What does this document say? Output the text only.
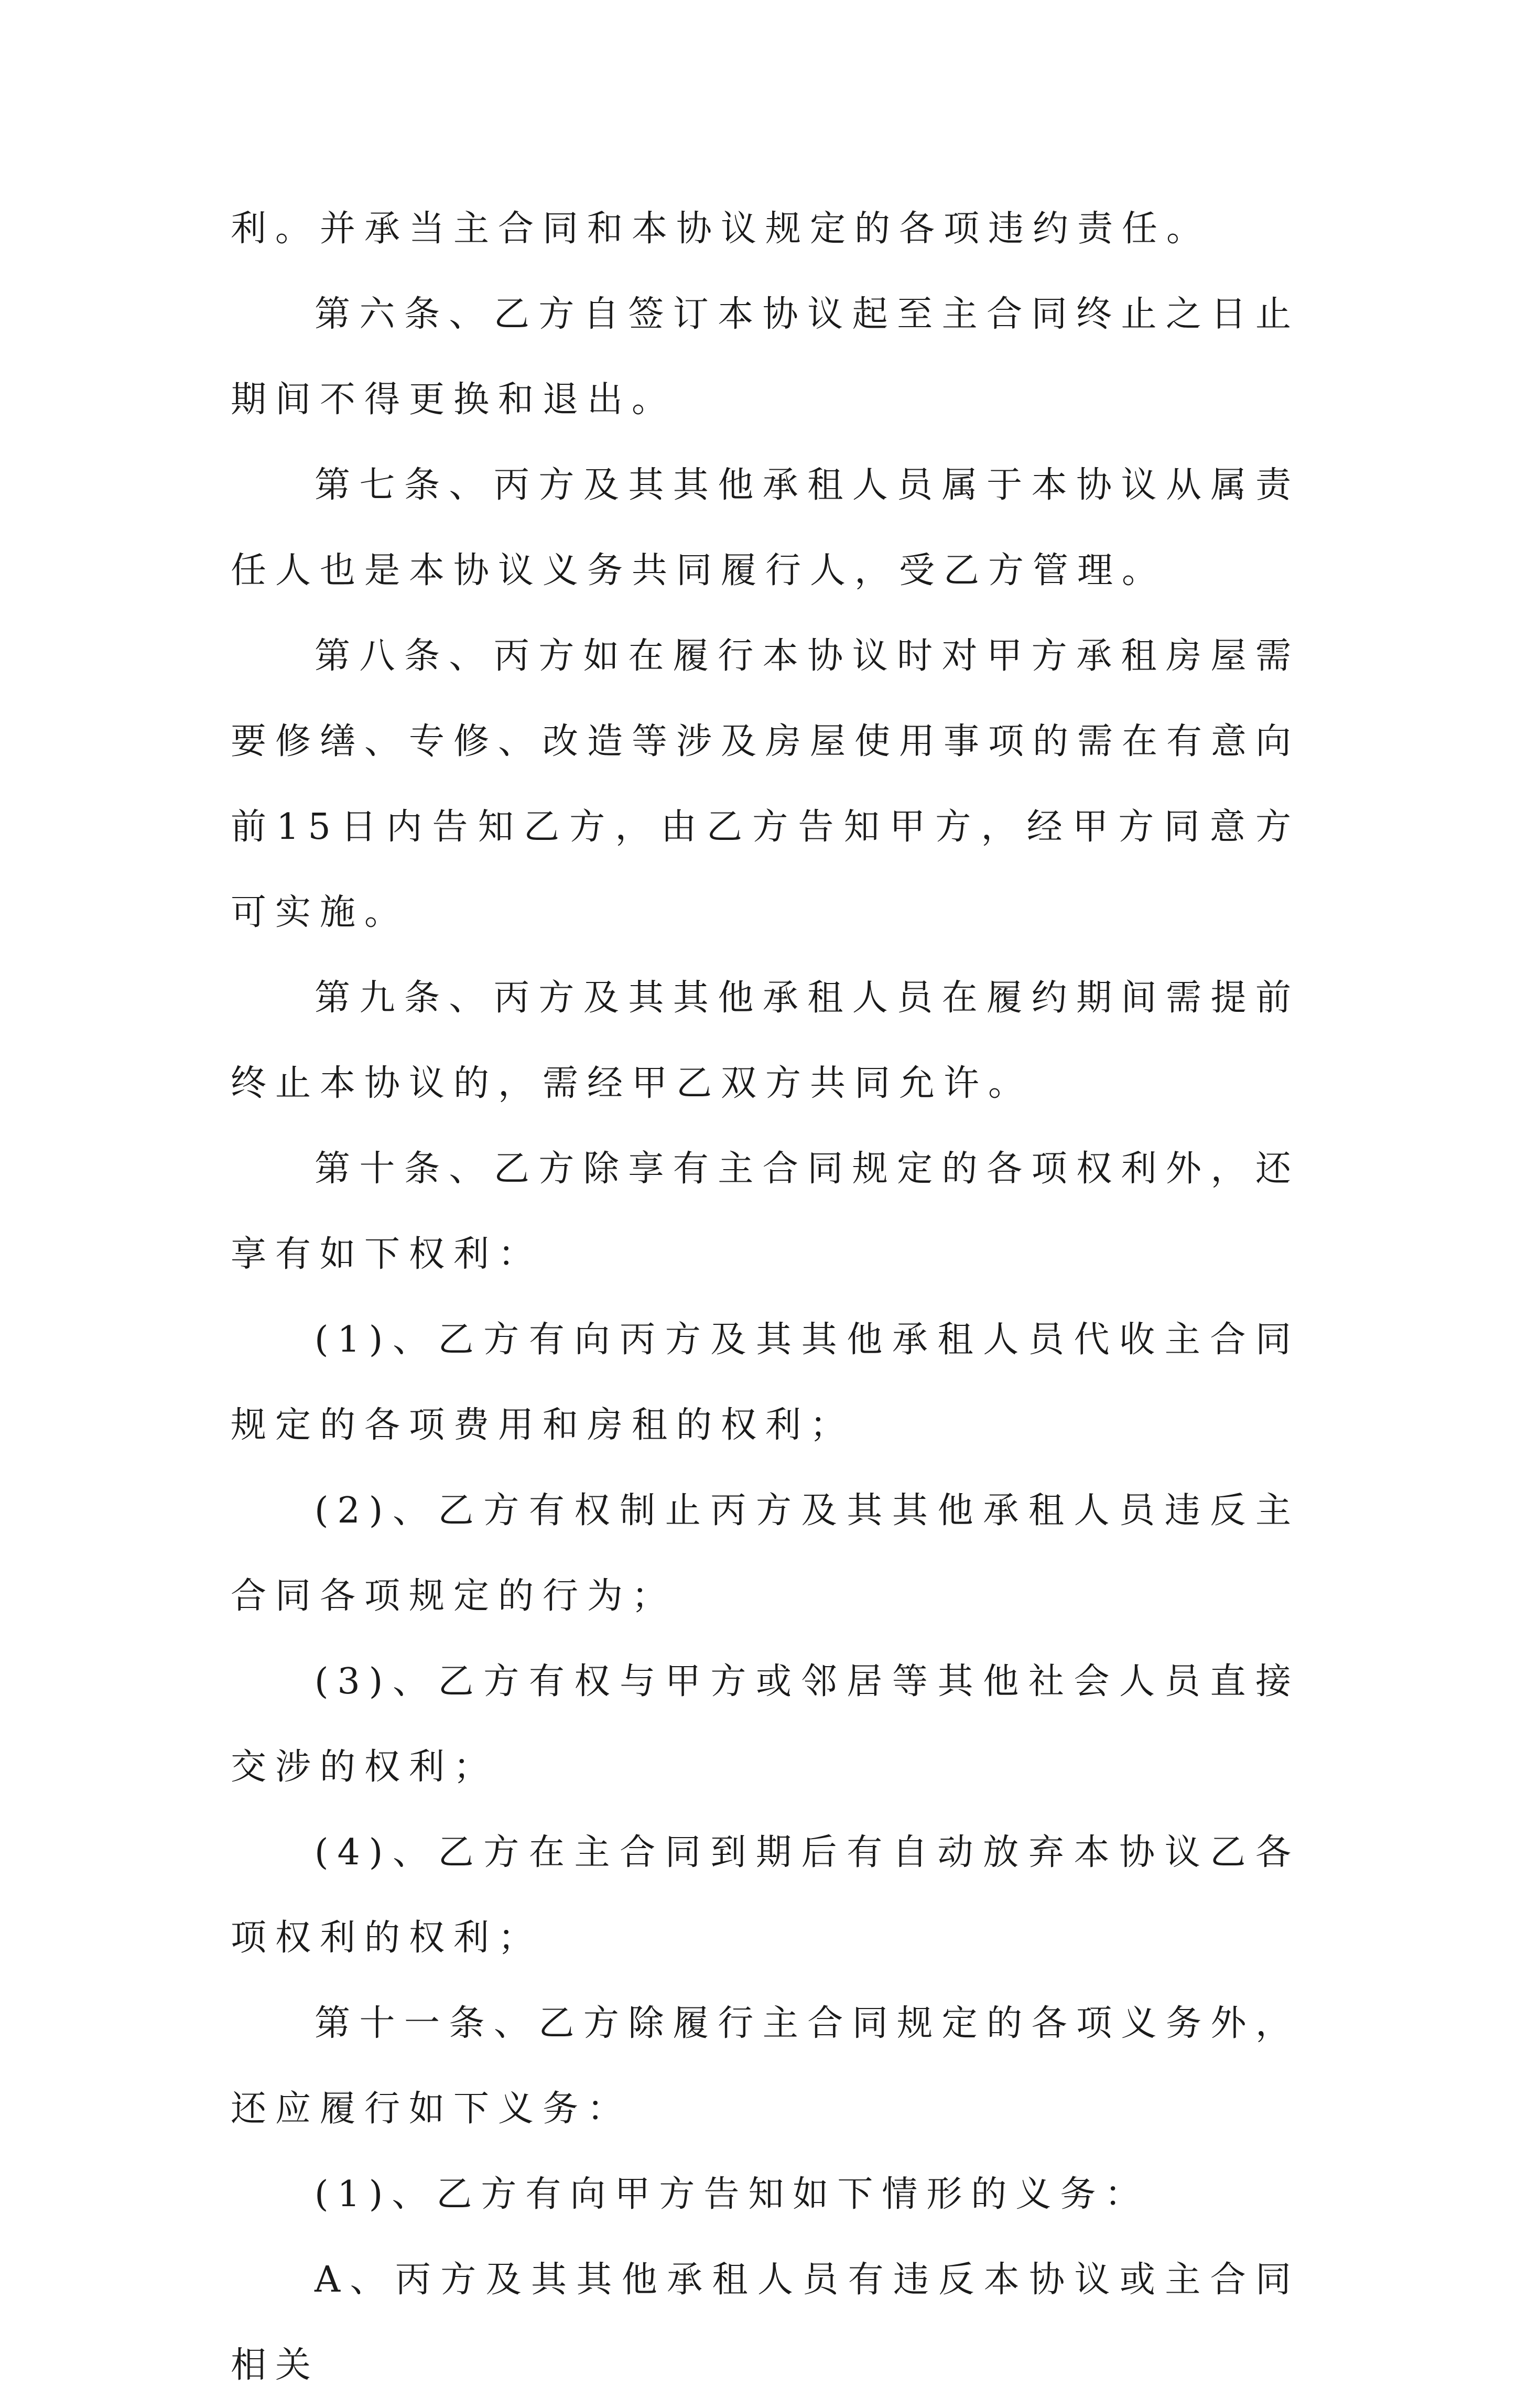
利。并承当主合同和本协议规定的各项违约责任。

第六条、乙方自签订本协议起至主合同终止之日止期间不得更换和退出。

第七条、丙方及其其他承租人员属于本协议从属责任人也是本协议义务共同履行人，受乙方管理。

第八条、丙方如在履行本协议时对甲方承租房屋需要修缮、专修、改造等涉及房屋使用事项的需在有意向前15日内告知乙方，由乙方告知甲方，经甲方同意方可实施。

第九条、丙方及其其他承租人员在履约期间需提前终止本协议的，需经甲乙双方共同允许。

第十条、乙方除享有主合同规定的各项权利外，还享有如下权利：

(1)、乙方有向丙方及其其他承租人员代收主合同规定的各项费用和房租的权利；

(2)、乙方有权制止丙方及其其他承租人员违反主合同各项规定的行为；

(3)、乙方有权与甲方或邻居等其他社会人员直接交涉的权利；

(4)、乙方在主合同到期后有自动放弃本协议乙各项权利的权利；

第十一条、乙方除履行主合同规定的各项义务外，还应履行如下义务：

(1)、乙方有向甲方告知如下情形的义务：

A、丙方及其其他承租人员有违反本协议或主合同相关
